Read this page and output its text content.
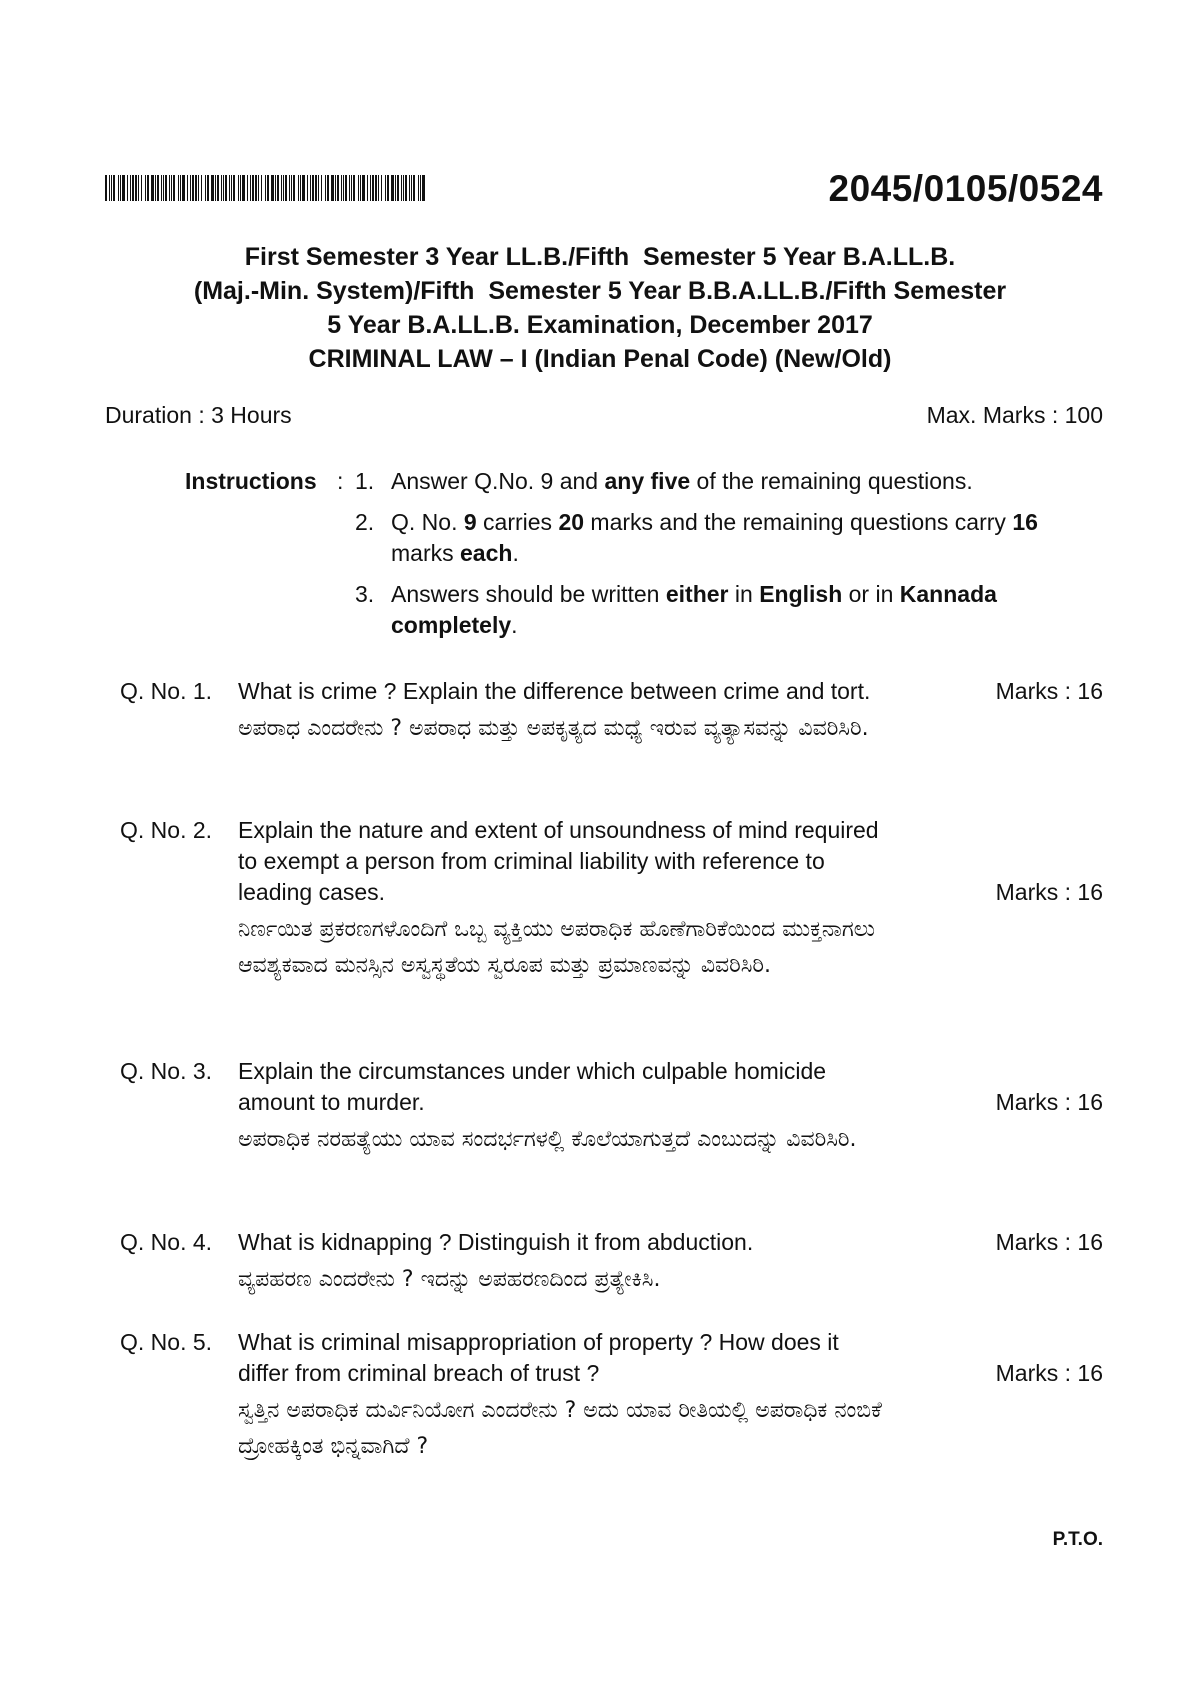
2045/0105/0524
First Semester 3 Year LL.B./Fifth  Semester 5 Year B.A.LL.B.
(Maj.-Min. System)/Fifth  Semester 5 Year B.B.A.LL.B./Fifth Semester
5 Year B.A.LL.B. Examination, December 2017
CRIMINAL LAW – I (Indian Penal Code) (New/Old)
Duration : 3 Hours	Max. Marks : 100
Instructions : 1. Answer Q.No. 9 and any five of the remaining questions.
2. Q. No. 9 carries 20 marks and the remaining questions carry 16 marks each.
3. Answers should be written either in English or in Kannada completely.
Q. No. 1. What is crime ? Explain the difference between crime and tort.
ಅಪರಾಧ ಎಂದರೇನು ? ಅಪರಾಧ ಮತ್ತು ಅಪಕೃತ್ಯದ ಮಧ್ಯೆ ಇರುವ ವ್ಯತ್ಯಾಸವನ್ನು ವಿವರಿಸಿರಿ.
Marks : 16
Q. No. 2. Explain the nature and extent of unsoundness of mind required
to exempt a person from criminal liability with reference to
leading cases.
ನಿರ್ಣಯಿತ ಪ್ರಕರಣಗಳೊಂದಿಗೆ ಒಬ್ಬ ವ್ಯಕ್ತಿಯು ಅಪರಾಧಿಕ ಹೊಣೆಗಾರಿಕೆಯಿಂದ ಮುಕ್ತನಾಗಲು ಆವಶ್ಯಕವಾದ ಮನಸ್ಸಿನ ಅಸ್ವಸ್ಥತೆಯ ಸ್ವರೂಪ ಮತ್ತು ಪ್ರಮಾಣವನ್ನು ವಿವರಿಸಿರಿ.
Marks : 16
Q. No. 3. Explain the circumstances under which culpable homicide
amount to murder.
ಅಪರಾಧಿಕ ನರಹತ್ಯೆಯು ಯಾವ ಸಂದರ್ಭಗಳಲ್ಲಿ ಕೊಲೆಯಾಗುತ್ತದೆ ಎಂಬುದನ್ನು ವಿವರಿಸಿರಿ.
Marks : 16
Q. No. 4. What is kidnapping ? Distinguish it from abduction.
ವ್ಯಪಹರಣ ಎಂದರೇನು ? ಇದನ್ನು ಅಪಹರಣದಿಂದ ಪ್ರತ್ಯೇಕಿಸಿ.
Marks : 16
Q. No. 5. What is criminal misappropriation of property ? How does it
differ from criminal breach of trust ?
ಸ್ವತ್ತಿನ ಅಪರಾಧಿಕ ದುರ್ವಿನಿಯೋಗ ಎಂದರೇನು ? ಅದು ಯಾವ ರೀತಿಯಲ್ಲಿ ಅಪರಾಧಿಕ ನಂಬಿಕೆ ದ್ರೋಹಕ್ಕಿಂತ ಭಿನ್ನವಾಗಿದೆ ?
Marks : 16
P.T.O.
